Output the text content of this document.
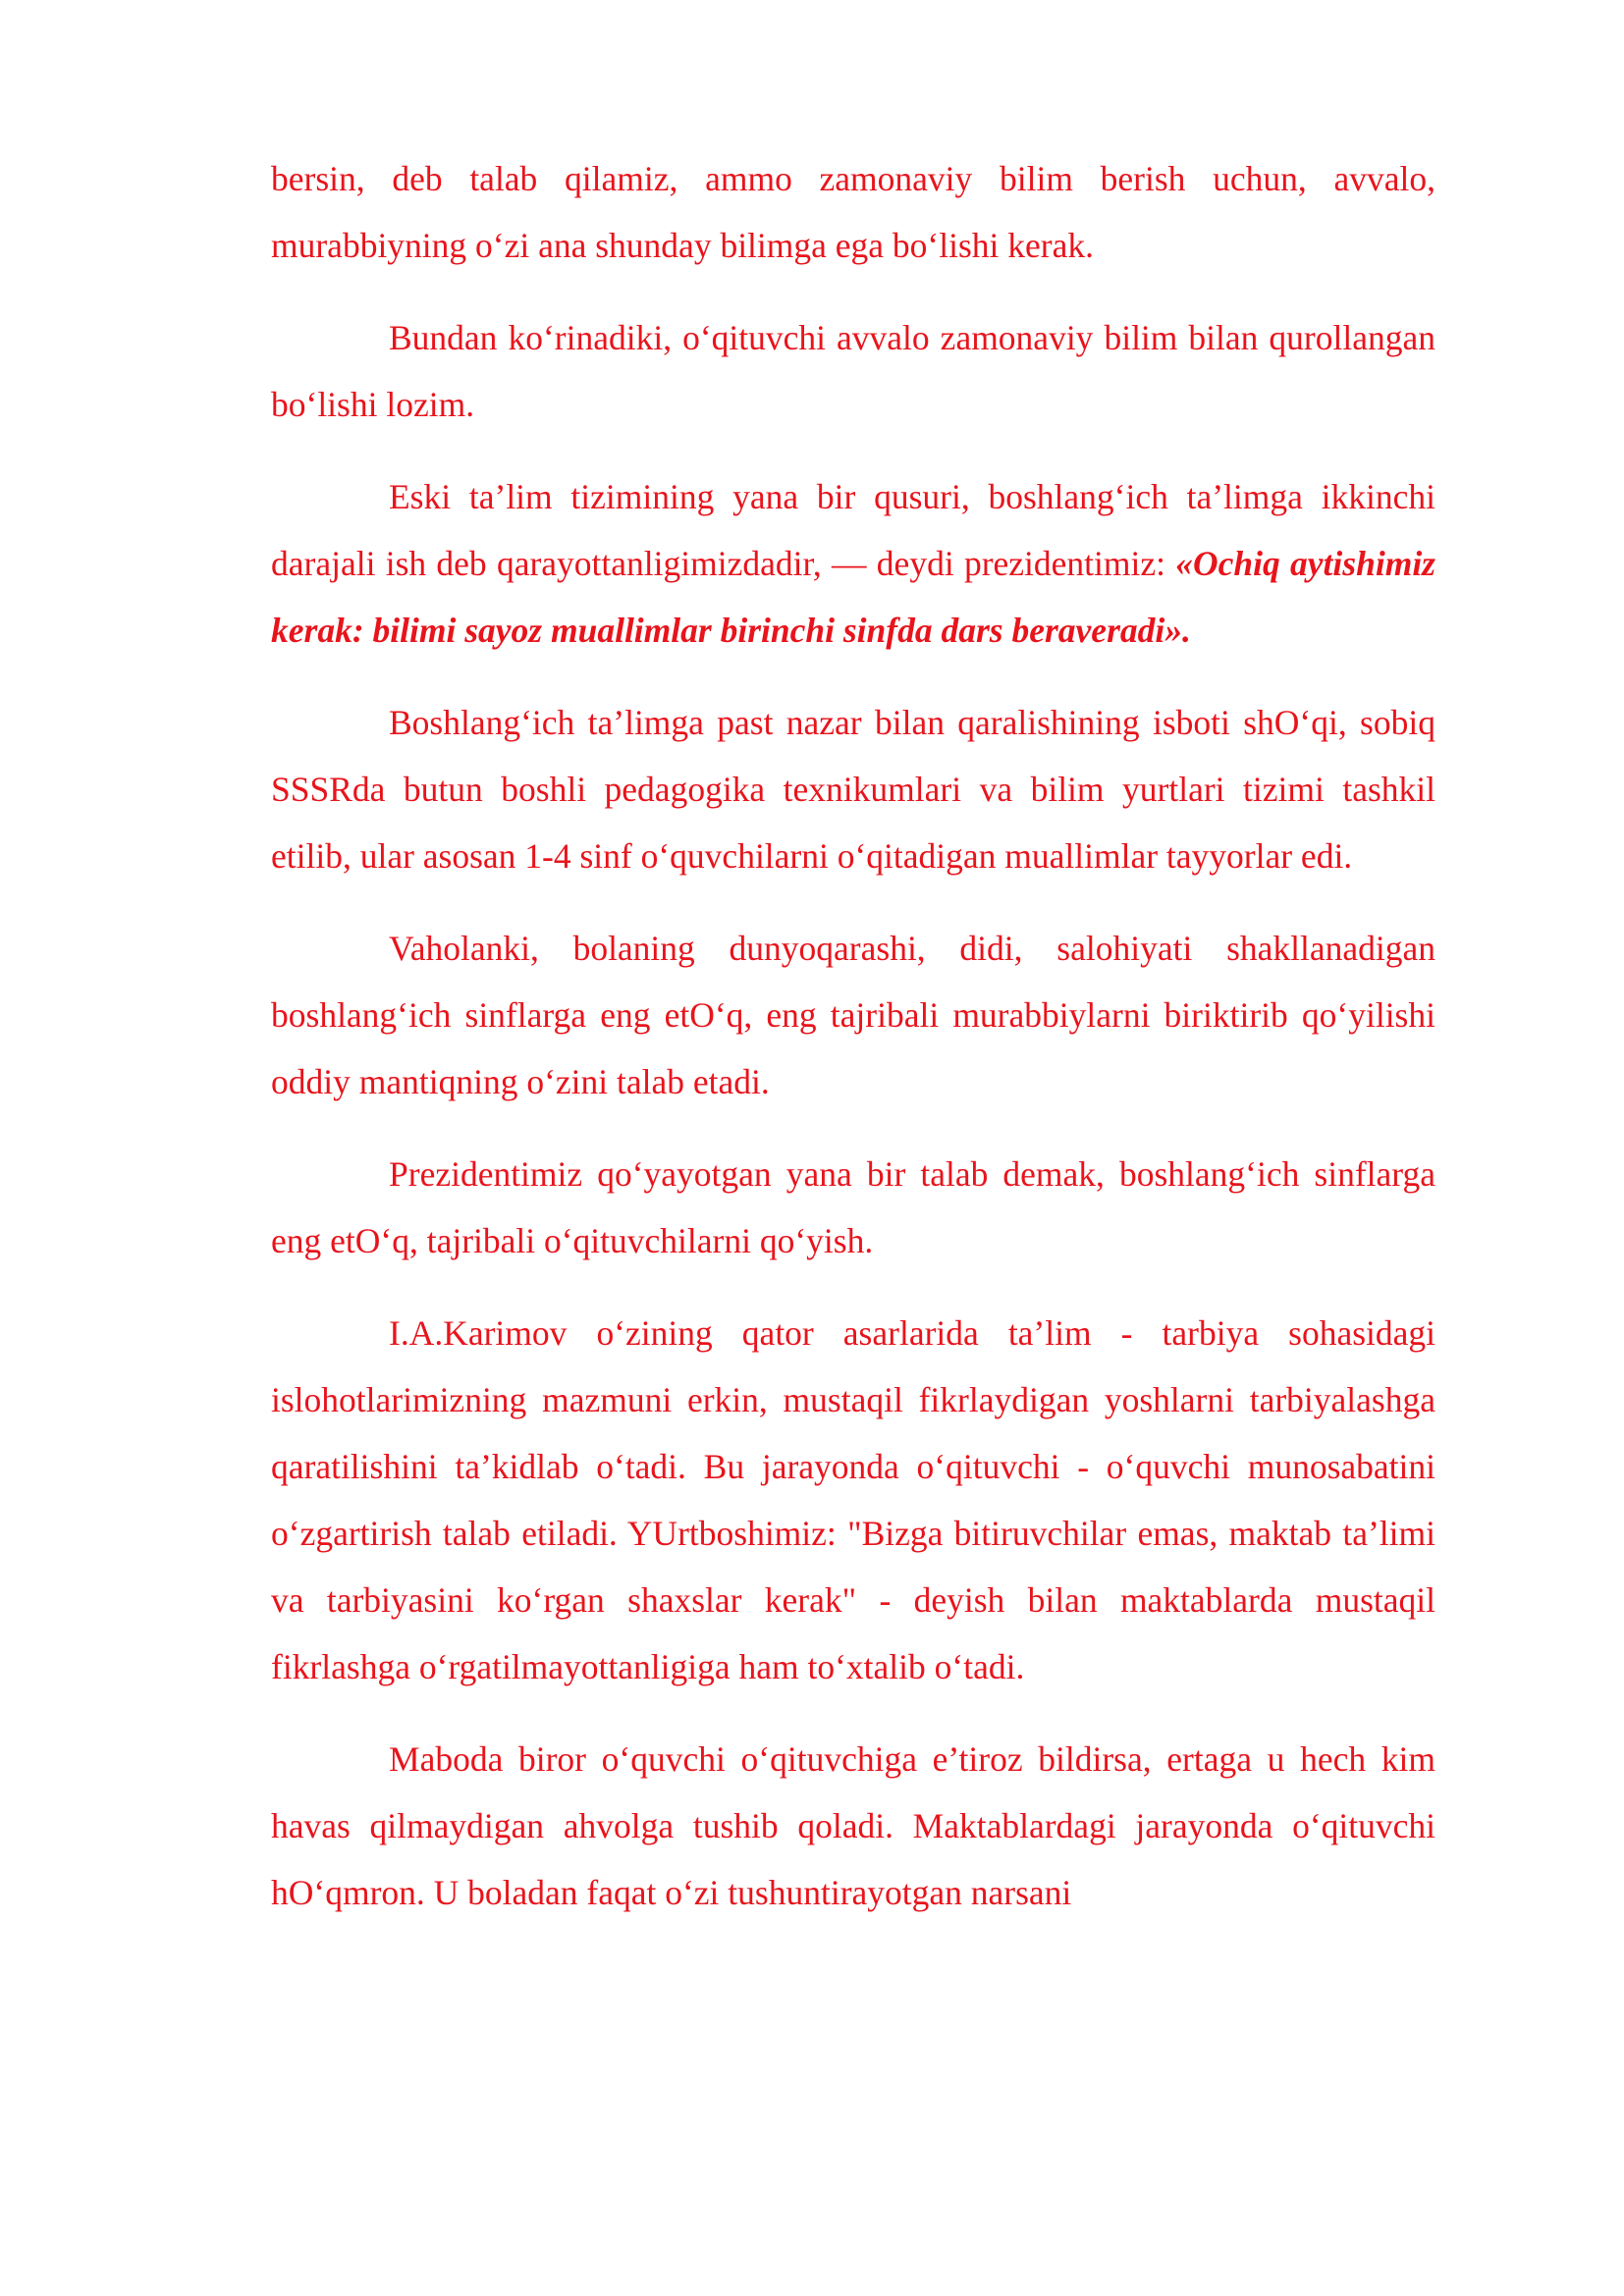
bersin, deb talab qilamiz, ammo zamonaviy bilim berish uchun, avvalo, murabbiyning o‘zi ana shunday bilimga ega bo‘lishi kerak.

Bundan ko‘rinadiki, o‘qituvchi avvalo zamonaviy bilim bilan qurollangan bo‘lishi lozim.

Eski ta’lim tizimining yana bir qusuri, boshlang‘ich ta’limga ikkinchi darajali ish deb qarayottanligimizdadir, — deydi prezidentimiz: «Ochiq aytishimiz kerak: bilimi sayoz muallimlar birinchi sinfda dars beraveradi».

Boshlang‘ich ta’limga past nazar bilan qaralishining isboti shO‘qi, sobiq SSSRda butun boshli pedagogika texnikumlari va bilim yurtlari tizimi tashkil etilib, ular asosan 1-4 sinf o‘quvchilarni o‘qitadigan muallimlar tayyorlar edi.

Vaholanki, bolaning dunyoqarashi, didi, salohiyati shakllanadigan boshlang‘ich sinflarga eng etO‘q, eng tajribali murabbiylarni biriktirib qo‘yilishi oddiy mantiqning o‘zini talab etadi.

Prezidentimiz qo‘yayotgan yana bir talab demak, boshlang‘ich sinflarga eng etO‘q, tajribali o‘qituvchilarni qo‘yish.

I.A.Karimov o‘zining qator asarlarida ta’lim - tarbiya sohasidagi islohotlarimizning mazmuni erkin, mustaqil fikrlaydigan yoshlarni tarbiyalashga qaratilishini ta’kidlab o‘tadi. Bu jarayonda o‘qituvchi - o‘quvchi munosabatini o‘zgartirish talab etiladi. YUrtboshimiz: "Bizga bitiruvchilar emas, maktab ta’limi va tarbiyasini ko‘rgan shaxslar kerak" - deyish bilan maktablarda mustaqil fikrlashga o‘rgatilmayottanligiga ham to‘xtalib o‘tadi.

Maboda biror o‘quvchi o‘qituvchiga e’tiroz bildirsa, ertaga u hech kim havas qilmaydigan ahvolga tushib qoladi. Maktablardagi jarayonda o‘qituvchi hO‘qmron. U boladan faqat o‘zi tushuntirayotgan narsani
